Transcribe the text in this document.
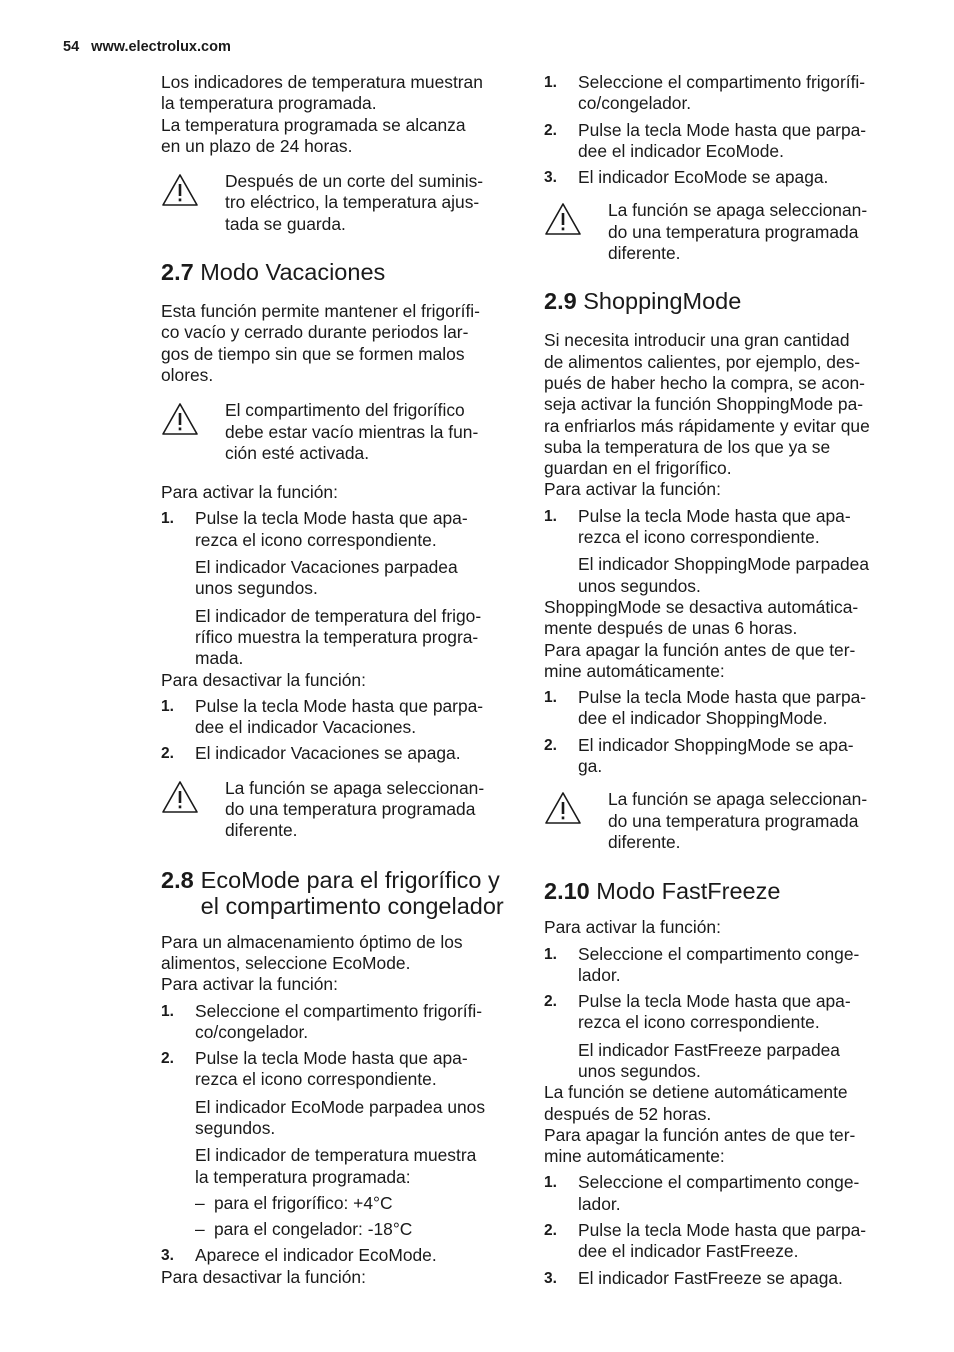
54 www.electrolux.com

Los indicadores de temperatura muestran
la temperatura programada.
La temperatura programada se alcanza
en un plazo de 24 horas.

Después de un corte del suminis-
tro eléctrico, la temperatura ajus-
tada se guarda.
2.7 Modo Vacaciones

Esta función permite mantener el frigorífi-
co vacío y cerrado durante periodos lar-
gos de tiempo sin que se formen malos
olores.

El compartimento del frigorífico
debe estar vacío mientras la fun-
ción esté activada.

Para activar la función:

1. Pulse la tecla Mode hasta que apa-
rezca el icono correspondiente.
El indicador Vacaciones parpadea
unos segundos.
El indicador de temperatura del frigo-
rífico muestra la temperatura progra-
mada.

Para desactivar la función:

1. Pulse la tecla Mode hasta que parpa-
dee el indicador Vacaciones.
2. El indicador Vacaciones se apaga.
La función se apaga seleccionan-
do una temperatura programada
diferente.
2.8 EcoMode para el frigorífico y
el compartimento congelador

Para un almacenamiento óptimo de los
alimentos, seleccione EcoMode.
Para activar la función:

1. Seleccione el compartimento frigorífi-
co/congelador.
2. Pulse la tecla Mode hasta que apa-
rezca el icono correspondiente.
El indicador EcoMode parpadea unos
segundos.
El indicador de temperatura muestra
la temperatura programada:
– para el frigorífico: +4°C
– para el congelador: -18°C
3. Aparece el indicador EcoMode.

Para desactivar la función:

1. Seleccione el compartimento frigorífi-
co/congelador.
2. Pulse la tecla Mode hasta que parpa-
dee el indicador EcoMode.
3. El indicador EcoMode se apaga.
La función se apaga seleccionan-
do una temperatura programada
diferente.
2.9 ShoppingMode

Si necesita introducir una gran cantidad
de alimentos calientes, por ejemplo, des-
pués de haber hecho la compra, se acon-
seja activar la función ShoppingMode pa-
ra enfriarlos más rápidamente y evitar que
suba la temperatura de los que ya se
guardan en el frigorífico.
Para activar la función:

1. Pulse la tecla Mode hasta que apa-
rezca el icono correspondiente.
El indicador ShoppingMode parpadea
unos segundos.

ShoppingMode se desactiva automática-
mente después de unas 6 horas.
Para apagar la función antes de que ter-
mine automáticamente:

1. Pulse la tecla Mode hasta que parpa-
dee el indicador ShoppingMode.
2. El indicador ShoppingMode se apa-
ga.
La función se apaga seleccionan-
do una temperatura programada
diferente.
2.10 Modo FastFreeze

Para activar la función:

1. Seleccione el compartimento conge-
lador.
2. Pulse la tecla Mode hasta que apa-
rezca el icono correspondiente.
El indicador FastFreeze parpadea
unos segundos.

La función se detiene automáticamente
después de 52 horas.
Para apagar la función antes de que ter-
mine automáticamente:

1. Seleccione el compartimento conge-
lador.
2. Pulse la tecla Mode hasta que parpa-
dee el indicador FastFreeze.
3. El indicador FastFreeze se apaga.
